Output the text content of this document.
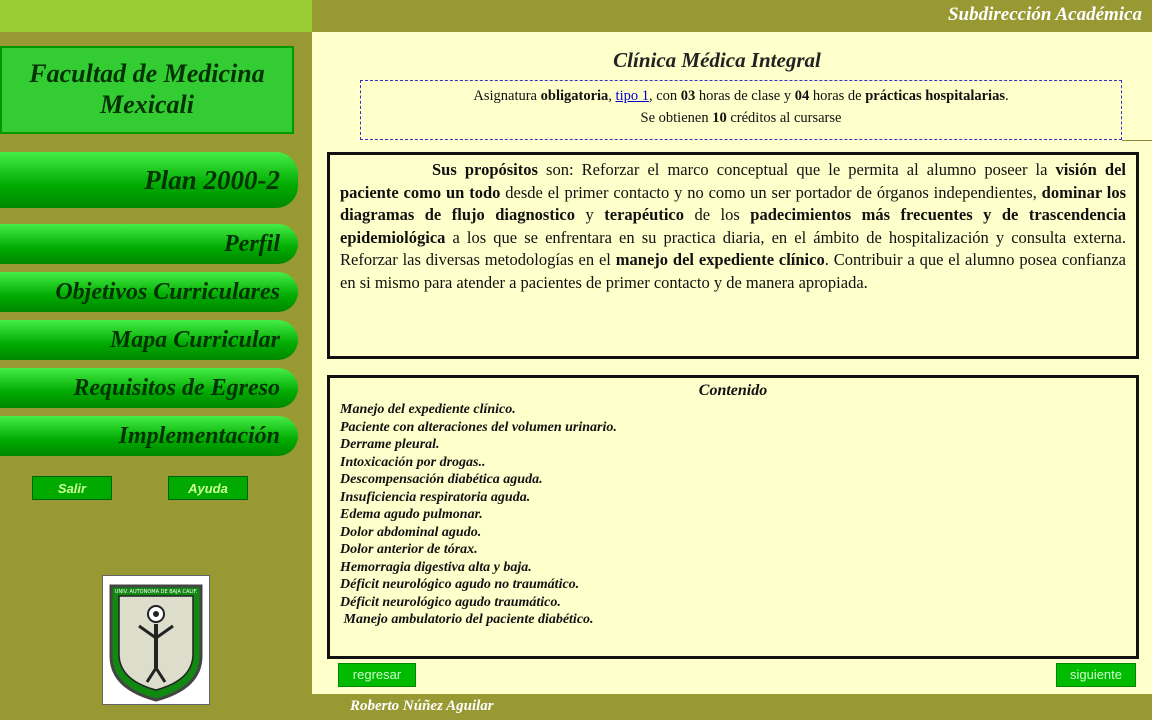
Subdirección Académica
Facultad de Medicina
Mexicali
Plan 2000-2
Perfil
Objetivos Curriculares
Mapa Curricular
Requisitos de Egreso
Implementación
Salir	Ayuda
UNIV. AUTONOMA DE BAJA CALIF.
Roberto Núñez Aguilar
Clínica Médica Integral
Asignatura obligatoria, tipo 1, con 03 horas de clase y 04 horas de prácticas hospitalarias.
Se obtienen 10 créditos al cursarse
Sus propósitos son: Reforzar el marco conceptual que le permita al alumno poseer la visión del paciente como un todo desde el primer contacto y no como un ser portador de órganos independientes, dominar los diagramas de flujo diagnostico y terapéutico de los padecimientos más frecuentes y de trascendencia epidemiológica a los que se enfrentara en su practica diaria, en el ámbito de hospitalización y consulta externa. Reforzar las diversas metodologías en el manejo del expediente clínico. Contribuir a que el alumno posea confianza en si mismo para atender a pacientes de primer contacto y de manera apropiada.
Contenido
Manejo del expediente clínico.
Paciente con alteraciones del volumen urinario.
Derrame pleural.
Intoxicación por drogas..
Descompensación diabética aguda.
Insuficiencia respiratoria aguda.
Edema agudo pulmonar.
Dolor abdominal agudo.
Dolor anterior de tórax.
Hemorragia digestiva alta y baja.
Déficit neurológico agudo no traumático.
Déficit neurológico agudo traumático.
Manejo ambulatorio del paciente diabético.
regresar	siguiente
